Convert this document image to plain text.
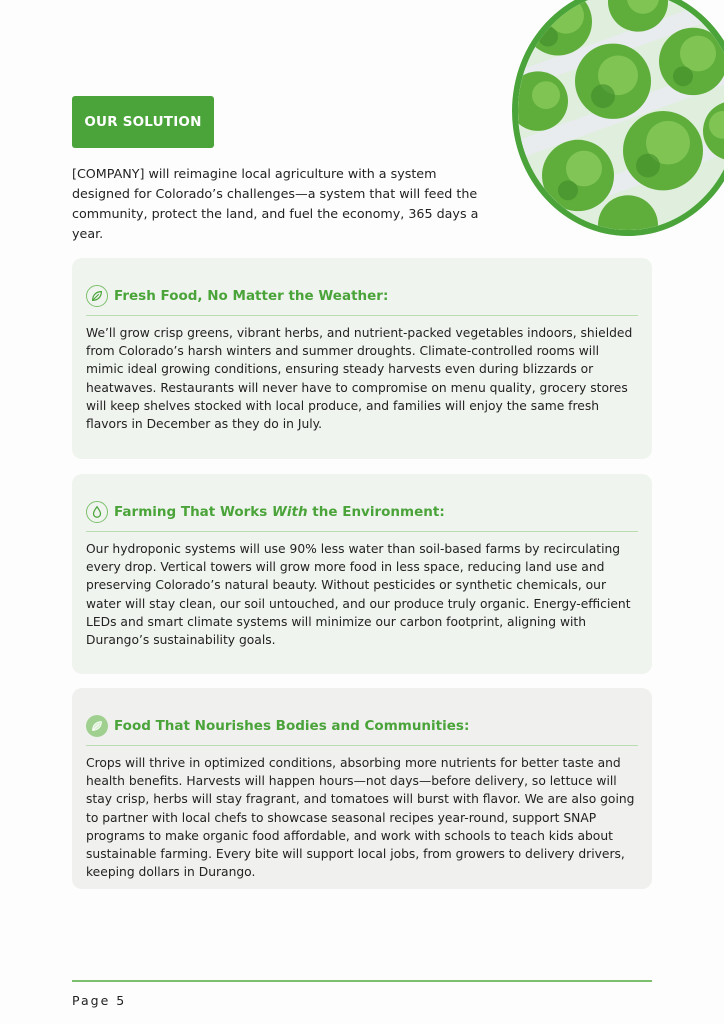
OUR SOLUTION

[COMPANY] will reimagine local agriculture with a system designed for Colorado’s challenges—a system that will feed the community, protect the land, and fuel the economy, 365 days a year.

Fresh Food, No Matter the Weather:

We’ll grow crisp greens, vibrant herbs, and nutrient-packed vegetables indoors, shielded from Colorado’s harsh winters and summer droughts. Climate-controlled rooms will mimic ideal growing conditions, ensuring steady harvests even during blizzards or heatwaves. Restaurants will never have to compromise on menu quality, grocery stores will keep shelves stocked with local produce, and families will enjoy the same fresh flavors in December as they do in July.

Farming That Works With the Environment:

Our hydroponic systems will use 90% less water than soil-based farms by recirculating every drop. Vertical towers will grow more food in less space, reducing land use and preserving Colorado’s natural beauty. Without pesticides or synthetic chemicals, our water will stay clean, our soil untouched, and our produce truly organic. Energy-efficient LEDs and smart climate systems will minimize our carbon footprint, aligning with Durango’s sustainability goals.

Food That Nourishes Bodies and Communities:

Crops will thrive in optimized conditions, absorbing more nutrients for better taste and health benefits. Harvests will happen hours—not days—before delivery, so lettuce will stay crisp, herbs will stay fragrant, and tomatoes will burst with flavor. We are also going to partner with local chefs to showcase seasonal recipes year-round, support SNAP programs to make organic food affordable, and work with schools to teach kids about sustainable farming. Every bite will support local jobs, from growers to delivery drivers, keeping dollars in Durango.

Page 5
